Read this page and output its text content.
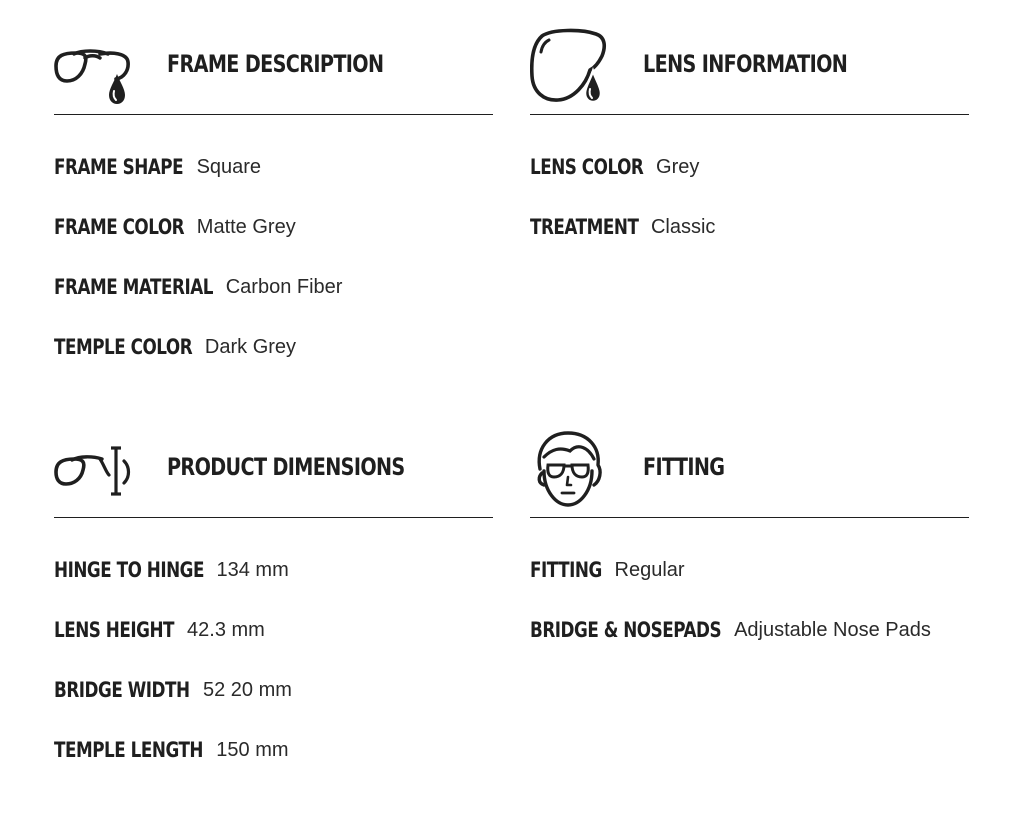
FRAME DESCRIPTION
FRAME SHAPE Square
FRAME COLOR Matte Grey
FRAME MATERIAL Carbon Fiber
TEMPLE COLOR Dark Grey
LENS INFORMATION
LENS COLOR Grey
TREATMENT Classic
PRODUCT DIMENSIONS
HINGE TO HINGE 134 mm
LENS HEIGHT 42.3 mm
BRIDGE WIDTH 52 20 mm
TEMPLE LENGTH 150 mm
FITTING
FITTING Regular
BRIDGE & NOSEPADS Adjustable Nose Pads
